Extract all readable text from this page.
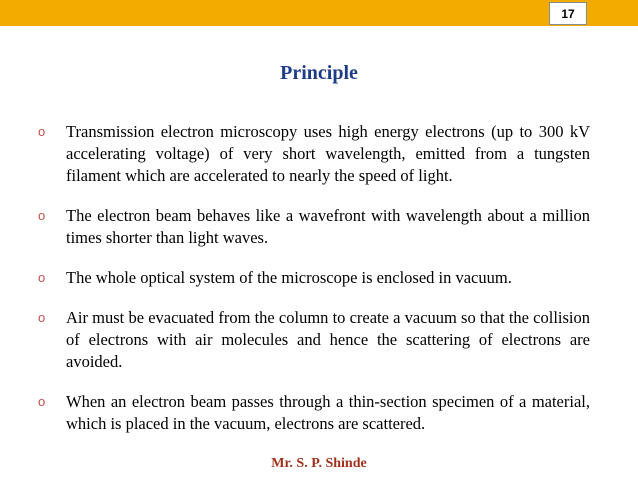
17
Principle
o	Transmission electron microscopy uses high energy electrons (up to 300 kV accelerating voltage) of very short wavelength, emitted from a tungsten filament which are accelerated to nearly the speed of light.
o	The electron beam behaves like a wavefront with wavelength about a million times shorter than light waves.
o	The whole optical system of the microscope is enclosed in vacuum.
o	Air must be evacuated from the column to create a vacuum so that the collision of electrons with air molecules and hence the scattering of electrons are avoided.
o	When an electron beam passes through a thin-section specimen of a material, which is placed in the vacuum, electrons are scattered.
Mr. S. P. Shinde
